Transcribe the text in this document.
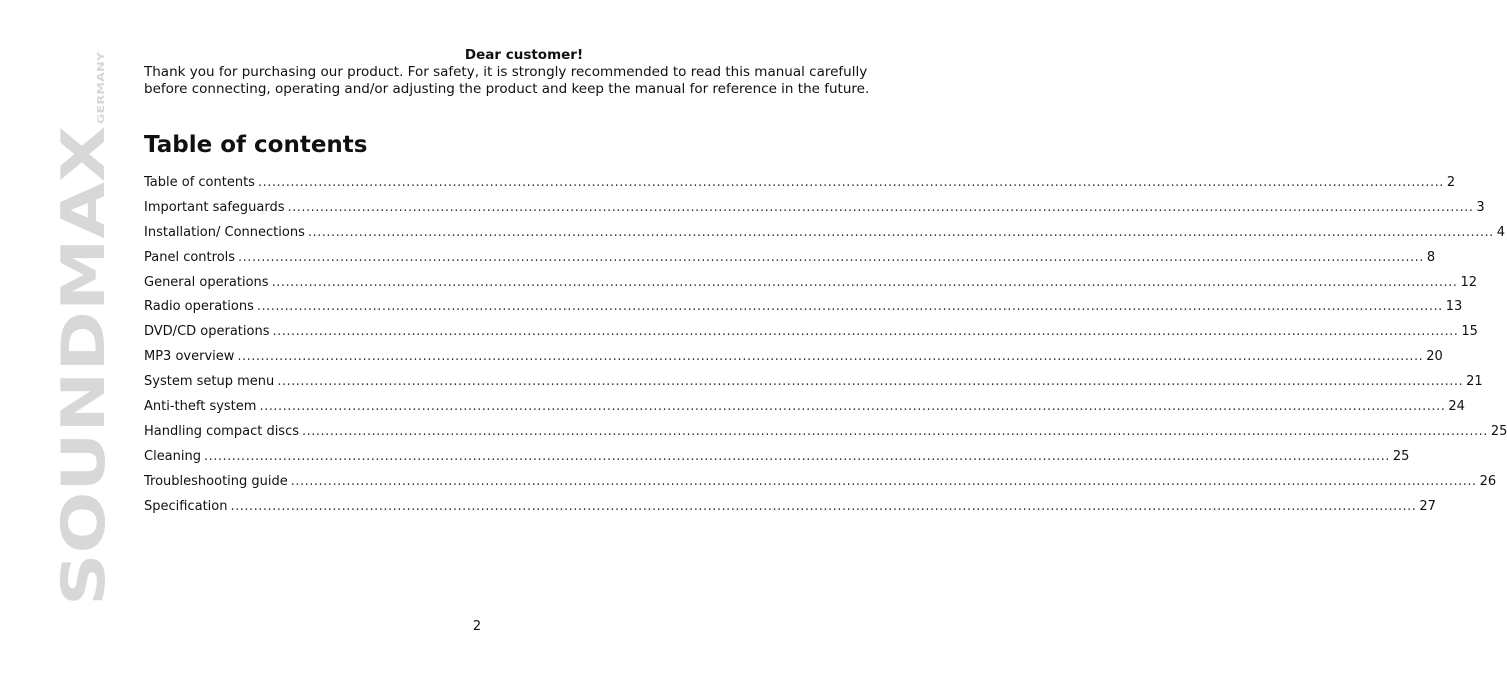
SOUNDMAX
GERMANY

Dear customer!

Thank you for purchasing our product. For safety, it is strongly recommended to read this manual carefully before connecting, operating and/or adjusting the product and keep the manual for reference in the future.

Table of contents
Table of contents .....	2
Important safeguards .....	3
Installation/ Connections .....	4
Panel controls .....	8
General operations .....	12
Radio operations .....	13
DVD/CD operations .....	15
MP3 overview .....	20
System setup menu .....	21
Anti-theft system .....	24
Handling compact discs .....	25
Cleaning .....	25
Troubleshooting guide .....	26
Specification .....	27
2
